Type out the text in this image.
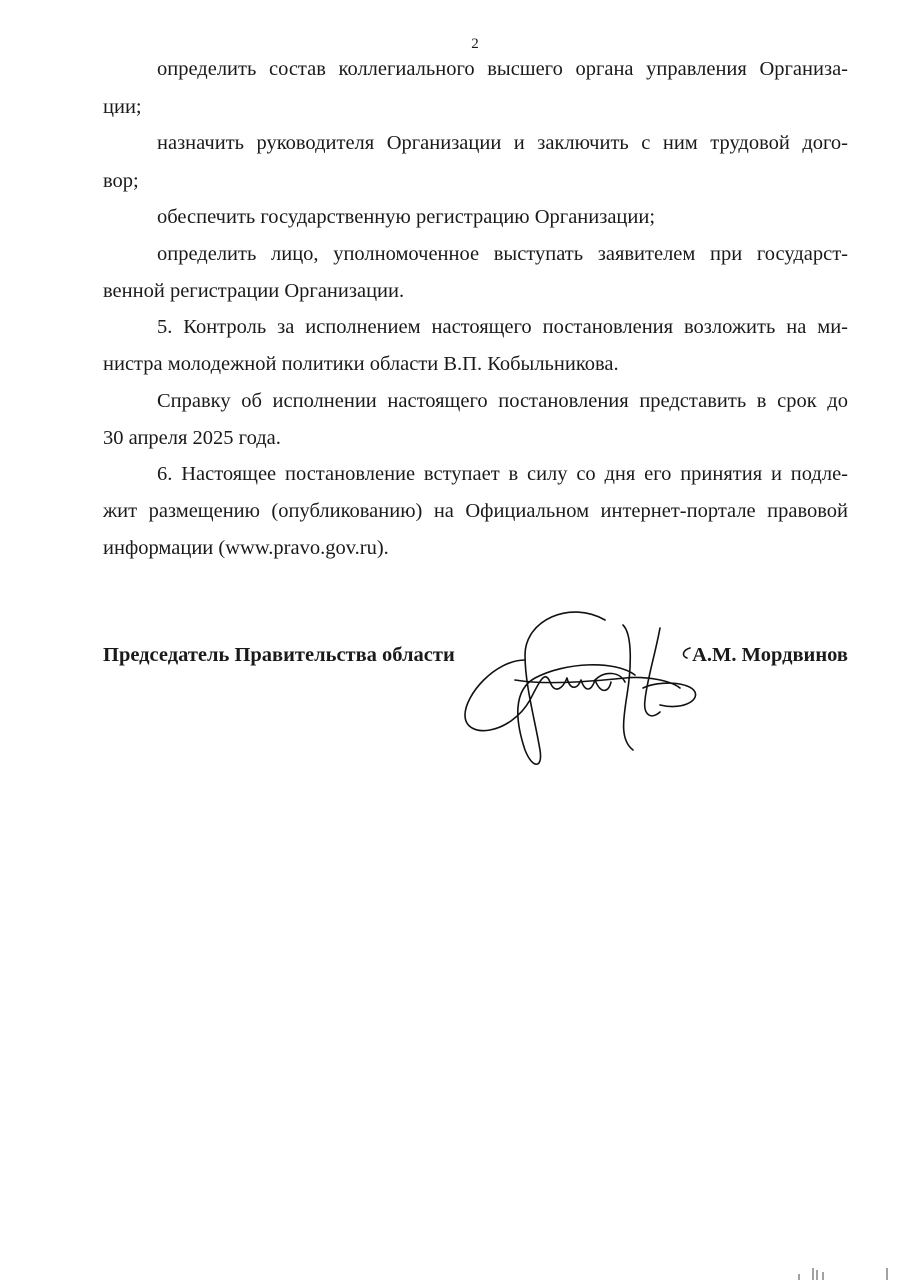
2
определить состав коллегиального высшего органа управления Организа-
ции;
назначить руководителя Организации и заключить с ним трудовой дого-
вор;
обеспечить государственную регистрацию Организации;
определить лицо, уполномоченное выступать заявителем при государст-
венной регистрации Организации.
5. Контроль за исполнением настоящего постановления возложить на ми-
нистра молодежной политики области В.П. Кобыльникова.
Справку об исполнении настоящего постановления представить в срок до
30 апреля 2025 года.
6. Настоящее постановление вступает в силу со дня его принятия и подле-
жит размещению (опубликованию) на Официальном интернет-портале правовой
информации (www.pravo.gov.ru).
Председатель Правительства области	А.М. Мордвинов
